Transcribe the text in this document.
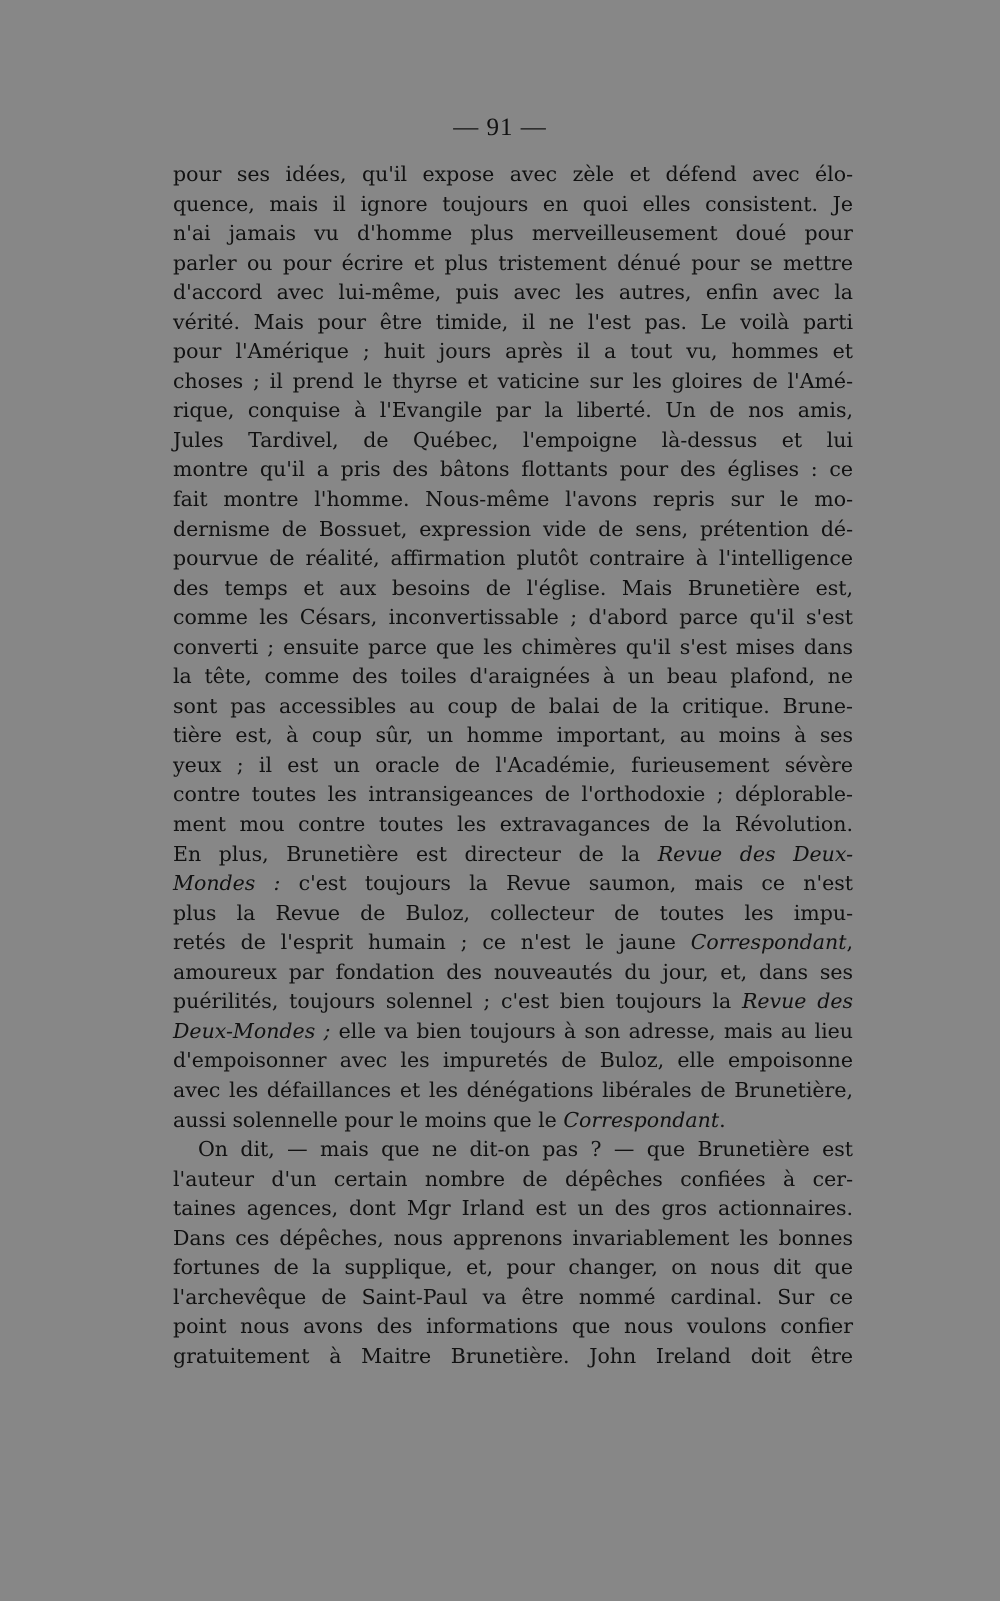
— 91 —
pour ses idées, qu'il expose avec zèle et défend avec élo-
quence, mais il ignore toujours en quoi elles consistent. Je
n'ai jamais vu d'homme plus merveilleusement doué pour
parler ou pour écrire et plus tristement dénué pour se mettre
d'accord avec lui-même, puis avec les autres, enfin avec la
vérité. Mais pour être timide, il ne l'est pas. Le voilà parti
pour l'Amérique ; huit jours après il a tout vu, hommes et
choses ; il prend le thyrse et vaticine sur les gloires de l'Amé-
rique, conquise à l'Evangile par la liberté. Un de nos amis,
Jules Tardivel, de Québec, l'empoigne là-dessus et lui
montre qu'il a pris des bâtons flottants pour des églises : ce
fait montre l'homme. Nous-même l'avons repris sur le mo-
dernisme de Bossuet, expression vide de sens, prétention dé-
pourvue de réalité, affirmation plutôt contraire à l'intelligence
des temps et aux besoins de l'église. Mais Brunetière est,
comme les Césars, inconvertissable ; d'abord parce qu'il s'est
converti ; ensuite parce que les chimères qu'il s'est mises dans
la tête, comme des toiles d'araignées à un beau plafond, ne
sont pas accessibles au coup de balai de la critique. Brune-
tière est, à coup sûr, un homme important, au moins à ses
yeux ; il est un oracle de l'Académie, furieusement sévère
contre toutes les intransigeances de l'orthodoxie ; déplorable-
ment mou contre toutes les extravagances de la Révolution.
En plus, Brunetière est directeur de la Revue des Deux-
Mondes : c'est toujours la Revue saumon, mais ce n'est
plus la Revue de Buloz, collecteur de toutes les impu-
retés de l'esprit humain ; ce n'est le jaune Correspondant,
amoureux par fondation des nouveautés du jour, et, dans ses
puérilités, toujours solennel ; c'est bien toujours la Revue des
Deux-Mondes ; elle va bien toujours à son adresse, mais au lieu
d'empoisonner avec les impuretés de Buloz, elle empoisonne
avec les défaillances et les dénégations libérales de Brunetière,
aussi solennelle pour le moins que le Correspondant.
On dit, — mais que ne dit-on pas ? — que Brunetière est
l'auteur d'un certain nombre de dépêches confiées à cer-
taines agences, dont Mgr Irland est un des gros actionnaires.
Dans ces dépêches, nous apprenons invariablement les bonnes
fortunes de la supplique, et, pour changer, on nous dit que
l'archevêque de Saint-Paul va être nommé cardinal. Sur ce
point nous avons des informations que nous voulons confier
gratuitement à Maitre Brunetière. John Ireland doit être
